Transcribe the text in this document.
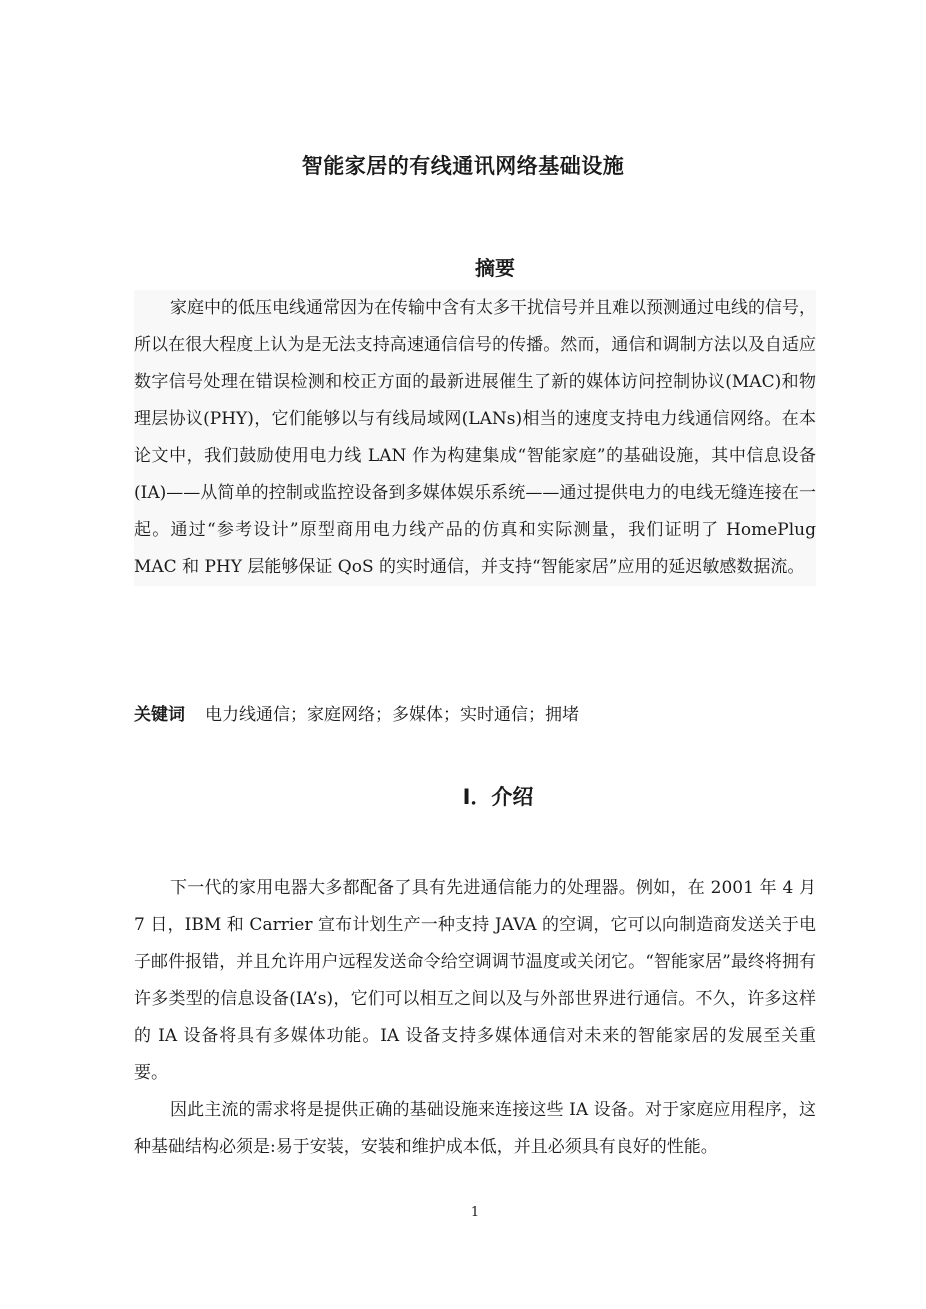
智能家居的有线通讯网络基础设施
摘要

家庭中的低压电线通常因为在传输中含有太多干扰信号并且难以预测通过电线的信号，所以在很大程度上认为是无法支持高速通信信号的传播。然而，通信和调制方法以及自适应数字信号处理在错误检测和校正方面的最新进展催生了新的媒体访问控制协议(MAC)和物理层协议(PHY)，它们能够以与有线局域网(LANs)相当的速度支持电力线通信网络。在本论文中，我们鼓励使用电力线 LAN 作为构建集成“智能家庭”的基础设施，其中信息设备(IA)——从简单的控制或监控设备到多媒体娱乐系统——通过提供电力的电线无缝连接在一起。通过“参考设计”原型商用电力线产品的仿真和实际测量，我们证明了 HomePlug MAC 和 PHY 层能够保证 QoS 的实时通信，并支持“智能家居”应用的延迟敏感数据流。

关键词 电力线通信；家庭网络；多媒体；实时通信；拥堵
I．介绍

下一代的家用电器大多都配备了具有先进通信能力的处理器。例如，在 2001 年 4 月 7 日，IBM 和 Carrier 宣布计划生产一种支持 JAVA 的空调，它可以向制造商发送关于电子邮件报错，并且允许用户远程发送命令给空调调节温度或关闭它。“智能家居”最终将拥有许多类型的信息设备(IA’s)，它们可以相互之间以及与外部世界进行通信。不久，许多这样的 IA 设备将具有多媒体功能。IA 设备支持多媒体通信对未来的智能家居的发展至关重要。

因此主流的需求将是提供正确的基础设施来连接这些 IA 设备。对于家庭应用程序，这种基础结构必须是:易于安装，安装和维护成本低，并且必须具有良好的性能。

1
